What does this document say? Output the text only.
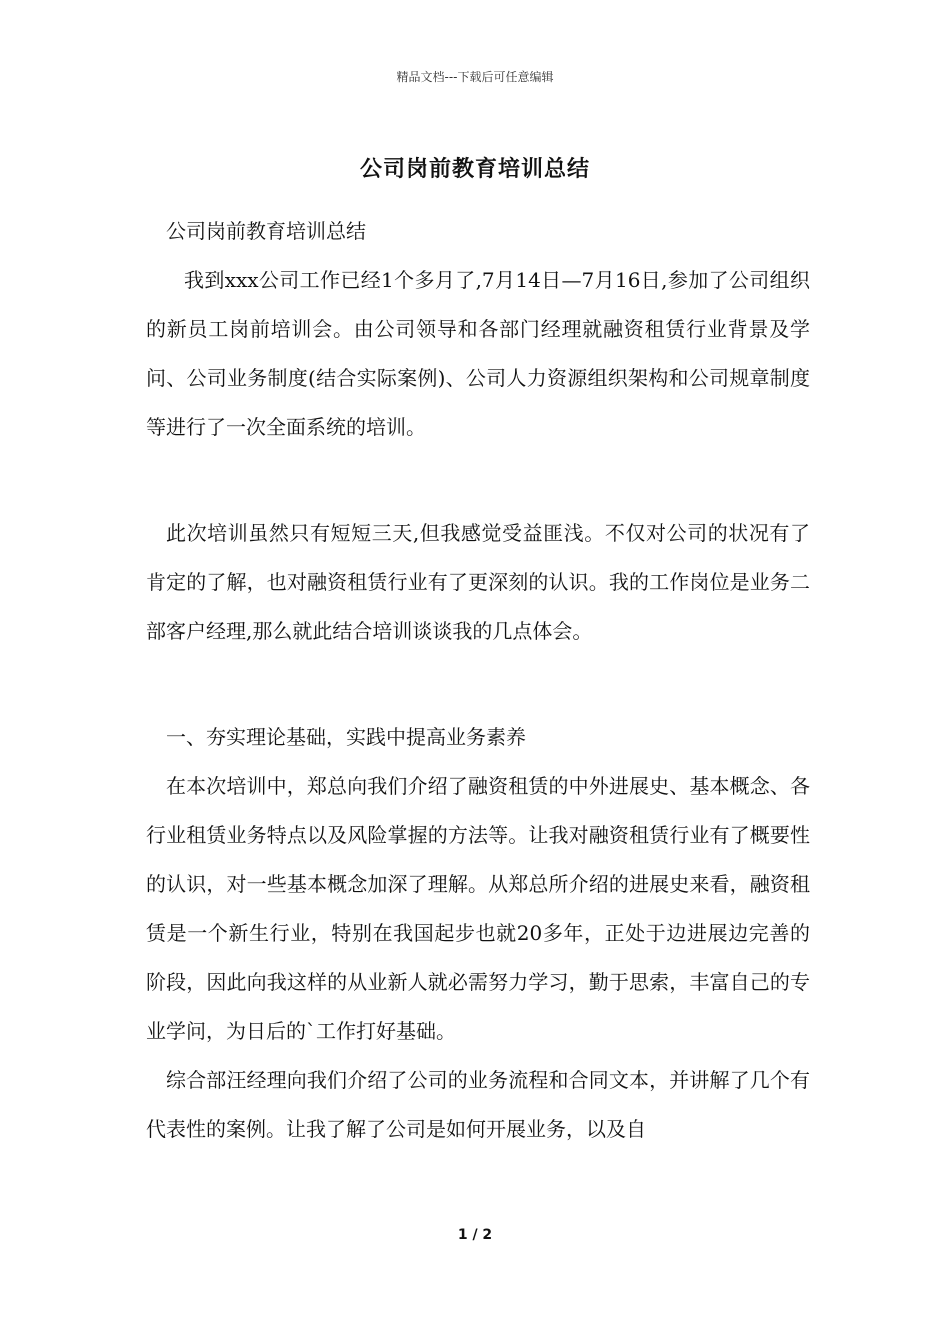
精品文档---下载后可任意编辑
公司岗前教育培训总结

公司岗前教育培训总结

我到xxx公司工作已经1个多月了,7月14日—7月16日,参加了公司组织的新员工岗前培训会。由公司领导和各部门经理就融资租赁行业背景及学问、公司业务制度(结合实际案例)、公司人力资源组织架构和公司规章制度等进行了一次全面系统的培训。

此次培训虽然只有短短三天,但我感觉受益匪浅。不仅对公司的状况有了肯定的了解，也对融资租赁行业有了更深刻的认识。我的工作岗位是业务二部客户经理,那么就此结合培训谈谈我的几点体会。

一、夯实理论基础，实践中提高业务素养

在本次培训中，郑总向我们介绍了融资租赁的中外进展史、基本概念、各行业租赁业务特点以及风险掌握的方法等。让我对融资租赁行业有了概要性的认识，对一些基本概念加深了理解。从郑总所介绍的进展史来看，融资租赁是一个新生行业，特别在我国起步也就20多年，正处于边进展边完善的阶段，因此向我这样的从业新人就必需努力学习，勤于思索，丰富自己的专业学问，为日后的`工作打好基础。

综合部汪经理向我们介绍了公司的业务流程和合同文本，并讲解了几个有代表性的案例。让我了解了公司是如何开展业务，以及自

1 / 2
